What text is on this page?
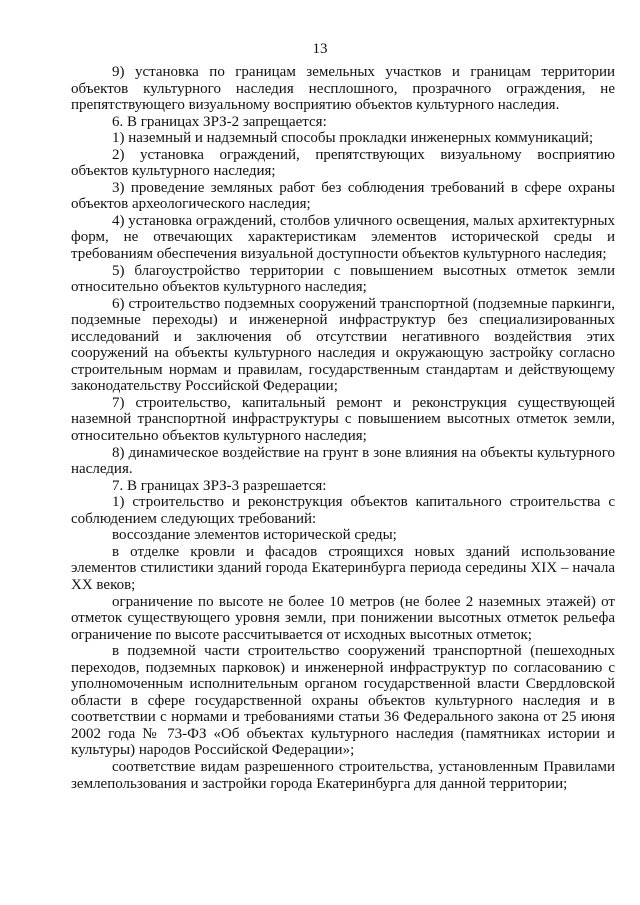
13

9) установка по границам земельных участков и границам территории объектов культурного наследия несплошного, прозрачного ограждения, не препятствующего визуальному восприятию объектов культурного наследия.

6. В границах ЗРЗ-2 запрещается:

1) наземный и надземный способы прокладки инженерных коммуникаций;

2) установка ограждений, препятствующих визуальному восприятию объектов культурного наследия;

3) проведение земляных работ без соблюдения требований в сфере охраны объектов археологического наследия;

4) установка ограждений, столбов уличного освещения, малых архитектурных форм, не отвечающих характеристикам элементов исторической среды и требованиям обеспечения визуальной доступности объектов культурного наследия;

5) благоустройство территории с повышением высотных отметок земли относительно объектов культурного наследия;

6) строительство подземных сооружений транспортной (подземные паркинги, подземные переходы) и инженерной инфраструктур без специализированных исследований и заключения об отсутствии негативного воздействия этих сооружений на объекты культурного наследия и окружающую застройку согласно строительным нормам и правилам, государственным стандартам и действующему законодательству Российской Федерации;

7) строительство, капитальный ремонт и реконструкция существующей наземной транспортной инфраструктуры с повышением высотных отметок земли, относительно объектов культурного наследия;

8) динамическое воздействие на грунт в зоне влияния на объекты культурного наследия.

7. В границах ЗРЗ-3 разрешается:

1) строительство и реконструкция объектов капитального строительства с соблюдением следующих требований:

воссоздание элементов исторической среды;

в отделке кровли и фасадов строящихся новых зданий использование элементов стилистики зданий города Екатеринбурга периода середины XIX – начала XX веков;

ограничение по высоте не более 10 метров (не более 2 наземных этажей) от отметок существующего уровня земли, при понижении высотных отметок рельефа ограничение по высоте рассчитывается от исходных высотных отметок;

в подземной части строительство сооружений транспортной (пешеходных переходов, подземных парковок) и инженерной инфраструктур по согласованию с уполномоченным исполнительным органом государственной власти Свердловской области в сфере государственной охраны объектов культурного наследия и в соответствии с нормами и требованиями статьи 36 Федерального закона от 25 июня 2002 года № 73-ФЗ «Об объектах культурного наследия (памятниках истории и культуры) народов Российской Федерации»;

соответствие видам разрешенного строительства, установленным Правилами землепользования и застройки города Екатеринбурга для данной территории;
